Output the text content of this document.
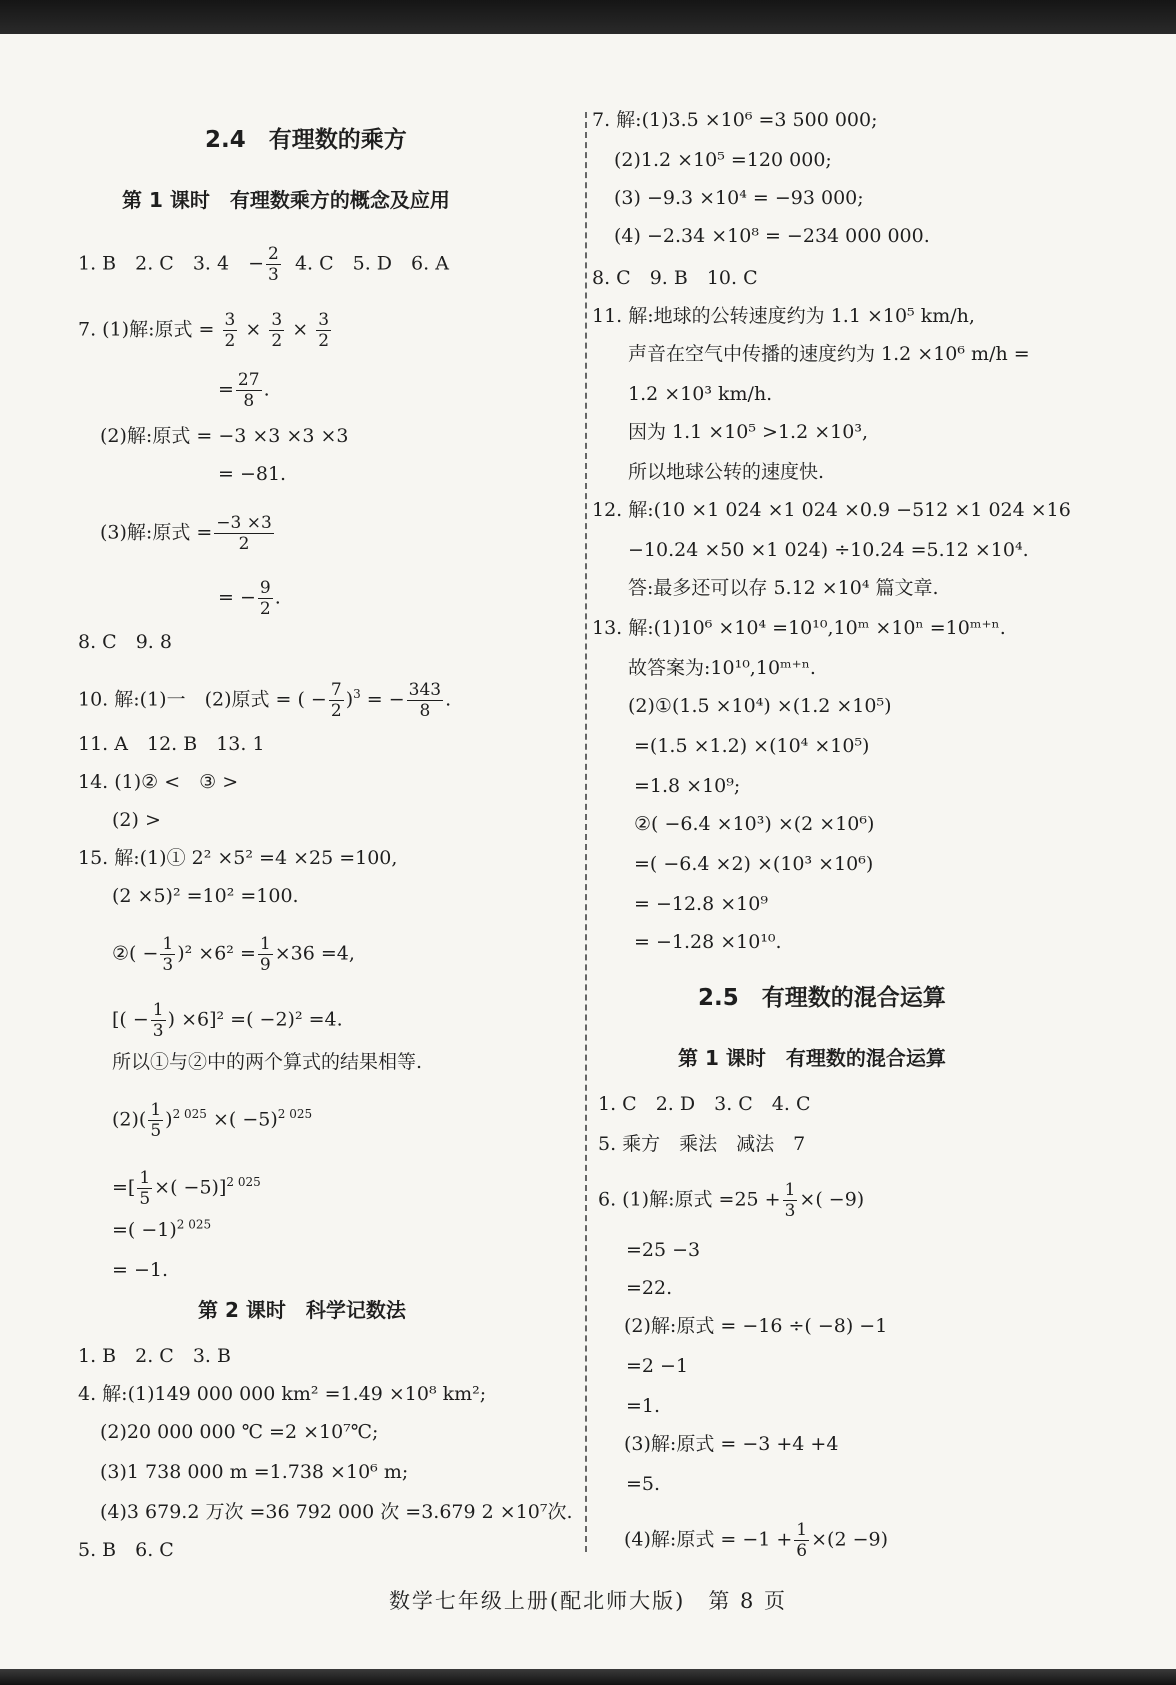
2.4　有理数的乘方
第 1 课时　有理数乘方的概念及应用
1. B　2. C　3. 4　− $\frac{2}{3} 4$. C　5. D　6. A
7. (1)解:原式 = $\frac{3}{2} \times \frac{3}{2} \times \frac{3}{2}$
= $\frac{27}{8}$ .
(2)解:原式 = −3 ×3 ×3 ×3
= −81.
(3)解:原式 = $\frac{-3 \times 3}{2}$
= − $\frac{9}{2}$ .
8. C　9. 8
10. 解:(1)一　(2)原式 = ( − $\frac{7}{2} )^3$ = − $\frac{343}{8}$ .
11. A　12. B　13. 1
14. (1)② <　③ >
(2) >
15. 解:(1)① 2² ×5² =4 ×25 =100,
(2 ×5)² =10² =100.
②( − $\frac{1}{3} )^2 \times 6^2 = \frac{1}{9} \times 36 =4$,
[( − $\frac{1}{3}$ ) ×6]² =( −2)² =4.
所以①与②中的两个算式的结果相等.
$(2)( \frac{1}{5} )^{2 025}$ ×( −5)$^{2 025}$
=[ $\frac{1}{5}$ ×( −5)]$^{2 025}$
=( −1)$^{2 025}$
= −1.
第 2 课时　科学记数法
1. B　2. C　3. B
4. 解:(1)149 000 000 km² =1.49 ×10⁸ km²;
(2)20 000 000 ℃ =2 ×10⁷℃;
(3)1 738 000 m =1.738 ×10⁶ m;
(4)3 679.2 万次 =36 792 000 次 =3.679 2 ×10⁷次.
5. B　6. C
7. 解:(1)3.5 ×10⁶ =3 500 000;
(2)1.2 ×10⁵ =120 000;
(3) −9.3 ×10⁴ = −93 000;
(4) −2.34 ×10⁸ = −234 000 000.
8. C　9. B　10. C
11. 解:地球的公转速度约为 1.1 ×10⁵ km/h,
声音在空气中传播的速度约为 1.2 ×10⁶ m/h =
1.2 ×10³ km/h.
因为 1.1 ×10⁵ >1.2 ×10³,
所以地球公转的速度快.
12. 解:(10 ×1 024 ×1 024 ×0.9 −512 ×1 024 ×16
−10.24 ×50 ×1 024) ÷10.24 =5.12 ×10⁴.
答:最多还可以存 5.12 ×10⁴ 篇文章.
13. 解:(1)10⁶ ×10⁴ =10¹⁰,10ᵐ ×10ⁿ =10ᵐ⁺ⁿ.
故答案为:10¹⁰,10ᵐ⁺ⁿ.
(2)①(1.5 ×10⁴) ×(1.2 ×10⁵)
=(1.5 ×1.2) ×(10⁴ ×10⁵)
=1.8 ×10⁹;
②( −6.4 ×10³) ×(2 ×10⁶)
=( −6.4 ×2) ×(10³ ×10⁶)
= −12.8 ×10⁹
= −1.28 ×10¹⁰.
2.5　有理数的混合运算
第 1 课时　有理数的混合运算
1. C　2. D　3. C　4. C
5. 乘方　乘法　减法　7
6. (1)解:原式 $=25 + \frac{1}{3}$ ×( −9)
=25 −3
=22.
(2)解:原式 = −16 ÷( −8) −1
=2 −1
=1.
(3)解:原式 = −3 +4 +4
=5.
(4)解:原式 = $-1 + \frac{1}{6} \times(2 -9)$
数学七年级上册(配北师大版)　第 8 页
